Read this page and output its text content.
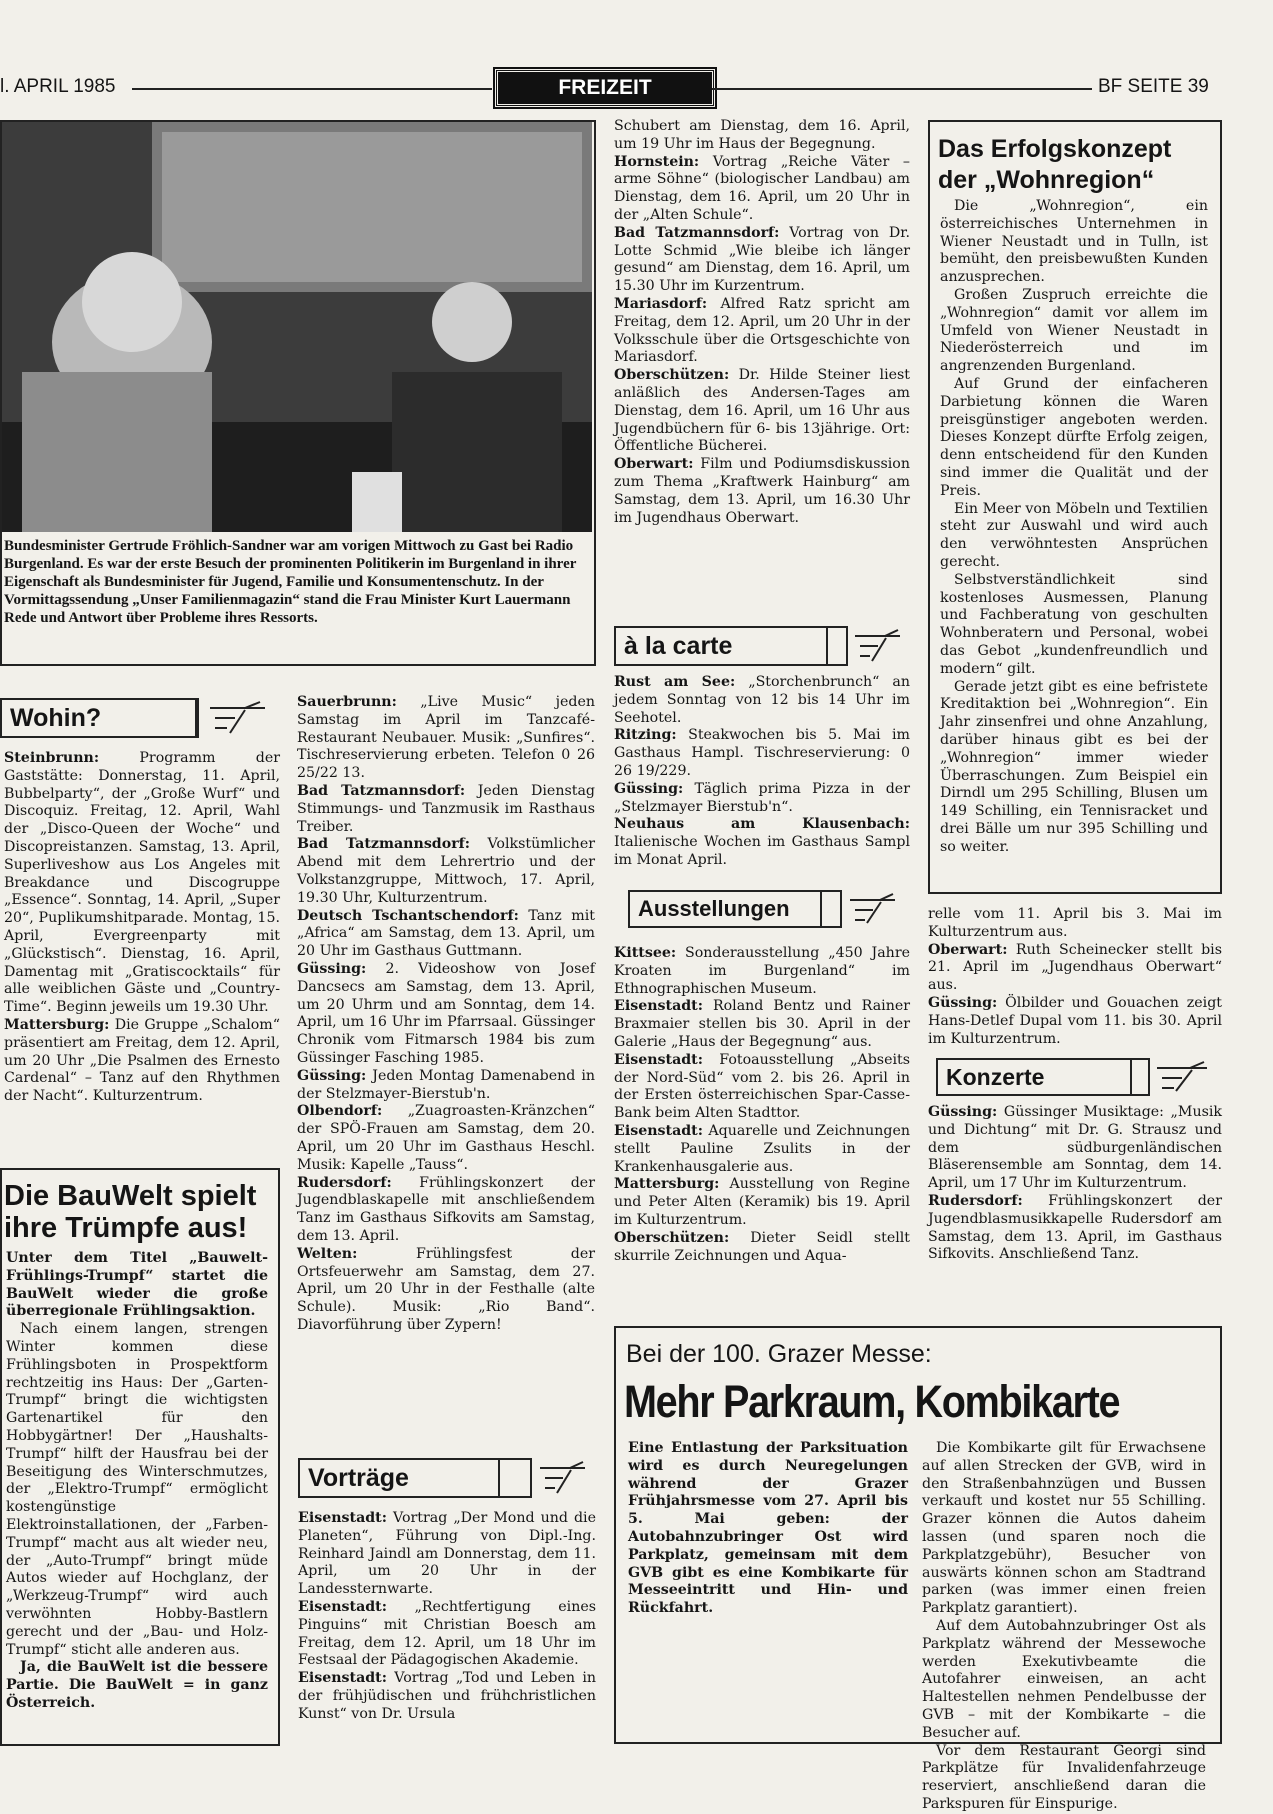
l. APRIL 1985	FREIZEIT	BF SEITE 39
Bundesminister Gertrude Fröhlich-Sandner war am vorigen Mittwoch zu Gast bei Radio Burgenland. Es war der erste Besuch der prominenten Politikerin im Burgenland in ihrer Eigenschaft als Bundesminister für Jugend, Familie und Konsumentenschutz. In der Vormittagssendung „Unser Familienmagazin“ stand die Frau Minister Kurt Lauermann Rede und Antwort über Probleme ihres Ressorts.
Wohin?

Steinbrunn:	Programm der Gaststätte: Donnerstag, 11. April, Bubbelparty“, der „Große Wurf“ und Discoquiz. Freitag, 12. April, Wahl der „Disco-Queen der Woche“ und Discopreistanzen. Samstag, 13. April, Superliveshow aus Los Angeles mit Breakdance und Discogruppe „Essence“. Sonntag, 14. April, „Super 20“, Puplikumshitparade. Montag, 15. April, Evergreenparty mit „Glückstisch“. Dienstag, 16. April, Damentag mit „Gratiscocktails“ für alle weiblichen Gäste und „Country-Time“. Beginn jeweils um 19.30 Uhr.

Mattersburg: Die Gruppe „Schalom“ präsentiert am Freitag, dem 12. April, um 20 Uhr „Die Psalmen des Ernesto Cardenal“ – Tanz auf den Rhythmen der Nacht“. Kulturzentrum.

Sauerbrunn: „Live Music“ jeden Samstag im April im Tanzcafé-Restaurant Neubauer. Musik: „Sunfires“. Tischreservierung erbeten. Telefon 0 26 25/22 13.

Bad Tatzmannsdorf: Jeden Dienstag Stimmungs- und Tanzmusik im Rasthaus Treiber.

Bad Tatzmannsdorf: Volkstümlicher Abend mit dem Lehrertrio und der Volkstanzgruppe, Mittwoch, 17. April, 19.30 Uhr, Kulturzentrum.

Deutsch Tschantschendorf: Tanz mit „Africa“ am Samstag, dem 13. April, um 20 Uhr im Gasthaus Guttmann.

Güssing: 2. Videoshow von Josef Dancsecs am Samstag, dem 13. April, um 20 Uhrm und am Sonntag, dem 14. April, um 16 Uhr im Pfarrsaal. Güssinger Chronik vom Fitmarsch 1984 bis zum Güssinger Fasching 1985.

Güssing: Jeden Montag Damenabend in der Stelzmayer-Bierstub'n.

Olbendorf: „Zuagroasten-Kränzchen“ der SPÖ-Frauen am Samstag, dem 20. April, um 20 Uhr im Gasthaus Heschl. Musik: Kapelle „Tauss“.

Rudersdorf: Frühlingskonzert der Jugendblaskapelle mit anschließendem Tanz im Gasthaus Sifkovits am Samstag, dem 13. April.

Welten:	Frühlingsfest der Ortsfeuerwehr am Samstag, dem 27. April, um 20 Uhr in der Festhalle (alte Schule). Musik: „Rio Band“. Diavorführung über Zypern!

Die BauWelt spielt
ihre Trümpfe aus!

Unter dem Titel „Bauwelt-Frühlings-Trumpf“ startet die BauWelt wieder die große überregionale Frühlingsaktion.

Nach einem langen, strengen Winter kommen diese Frühlingsboten in Prospektform rechtzeitig ins Haus: Der „Garten-Trumpf“ bringt die wichtigsten Gartenartikel für den Hobbygärtner! Der „Haushalts-Trumpf“ hilft der Hausfrau bei der Beseitigung des Winterschmutzes, der „Elektro-Trumpf“ ermöglicht kostengünstige Elektroinstallationen, der „Farben-Trumpf“ macht aus alt wieder neu, der „Auto-Trumpf“ bringt müde Autos wieder auf Hochglanz, der „Werkzeug-Trumpf“ wird auch verwöhnten Hobby-Bastlern gerecht und der „Bau- und Holz-Trumpf“ sticht alle anderen aus.

Ja, die BauWelt ist die bessere Partie. Die BauWelt = in ganz Österreich.

Vorträge

Eisenstadt: Vortrag „Der Mond und die Planeten“, Führung von Dipl.-Ing. Reinhard Jaindl am Donnerstag, dem 11. April, um 20 Uhr in der Landessternwarte.

Eisenstadt: „Rechtfertigung eines Pinguins“ mit Christian Boesch am Freitag, dem 12. April, um 18 Uhr im Festsaal der Pädagogischen Akademie.

Eisenstadt: Vortrag „Tod und Leben in der frühjüdischen und frühchristlichen Kunst“ von Dr. Ursula

Schubert am Dienstag, dem 16. April, um 19 Uhr im Haus der Begegnung.

Hornstein: Vortrag „Reiche Väter – arme Söhne“ (biologischer Landbau) am Dienstag, dem 16. April, um 20 Uhr in der „Alten Schule“.

Bad Tatzmannsdorf: Vortrag von Dr. Lotte Schmid „Wie bleibe ich länger gesund“ am Dienstag, dem 16. April, um 15.30 Uhr im Kurzentrum.

Mariasdorf: Alfred Ratz spricht am Freitag, dem 12. April, um 20 Uhr in der Volksschule über die Ortsgeschichte von Mariasdorf.

Oberschützen: Dr. Hilde Steiner liest anläßlich des Andersen-Tages am Dienstag, dem 16. April, um 16 Uhr aus Jugendbüchern für 6- bis 13jährige. Ort: Öffentliche Bücherei.

Oberwart: Film und Podiumsdiskussion zum Thema „Kraftwerk Hainburg“ am Samstag, dem 13. April, um 16.30 Uhr im Jugendhaus Oberwart.

à la carte

Rust am See: „Storchenbrunch“ an jedem Sonntag von 12 bis 14 Uhr im Seehotel.

Ritzing: Steakwochen bis 5. Mai im Gasthaus Hampl. Tischreservierung: 0 26 19/229.

Güssing: Täglich prima Pizza in der „Stelzmayer Bierstub'n“.

Neuhaus am Klausenbach: Italienische Wochen im Gasthaus Sampl im Monat April.

Ausstellungen

Kittsee: Sonderausstellung „450 Jahre Kroaten im Burgenland“ im Ethnographischen Museum.

Eisenstadt: Roland Bentz und Rainer Braxmaier stellen bis 30. April in der Galerie „Haus der Begegnung“ aus.

Eisenstadt: Fotoausstellung „Abseits der Nord-Süd“ vom 2. bis 26. April in der Ersten österreichischen Spar-Casse-Bank beim Alten Stadttor.

Eisenstadt: Aquarelle und Zeichnungen stellt Pauline Zsulits in der Krankenhausgalerie aus.

Mattersburg: Ausstellung von Regine und Peter Alten (Keramik) bis 19. April im Kulturzentrum.

Oberschützen: Dieter Seidl stellt skurrile Zeichnungen und Aqua-

Das Erfolgskonzept
der „Wohnregion“

Die „Wohnregion“, ein österreichisches Unternehmen in Wiener Neustadt und in Tulln, ist bemüht, den preisbewußten Kunden anzusprechen.

Großen Zuspruch erreichte die „Wohnregion“ damit vor allem im Umfeld von Wiener Neustadt in Niederösterreich und im angrenzenden Burgenland.

Auf Grund der einfacheren Darbietung können die Waren preisgünstiger angeboten werden. Dieses Konzept dürfte Erfolg zeigen, denn entscheidend für den Kunden sind immer die Qualität und der Preis.

Ein Meer von Möbeln und Textilien steht zur Auswahl und wird auch den verwöhntesten Ansprüchen gerecht.

Selbstverständlichkeit sind kostenloses Ausmessen, Planung und Fachberatung von geschulten Wohnberatern und Personal, wobei das Gebot „kundenfreundlich und modern“ gilt.

Gerade jetzt gibt es eine befristete Kreditaktion bei „Wohnregion“. Ein Jahr zinsenfrei und ohne Anzahlung, darüber hinaus gibt es bei der „Wohnregion“ immer wieder Überraschungen. Zum Beispiel ein Dirndl um 295 Schilling, Blusen um 149 Schilling, ein Tennisracket und drei Bälle um nur 395 Schilling und so weiter.

relle vom 11. April bis 3. Mai im Kulturzentrum aus.

Oberwart: Ruth Scheinecker stellt bis 21. April im „Jugendhaus Oberwart“ aus.

Güssing: Ölbilder und Gouachen zeigt Hans-Detlef Dupal vom 11. bis 30. April im Kulturzentrum.

Konzerte

Güssing: Güssinger Musiktage: „Musik und Dichtung“ mit Dr. G. Strausz und dem südburgenländischen Bläserensemble am Sonntag, dem 14. April, um 17 Uhr im Kulturzentrum.

Rudersdorf: Frühlingskonzert der Jugendblasmusikkapelle Rudersdorf am Samstag, dem 13. April, im Gasthaus Sifkovits. Anschließend Tanz.

Bei der 100. Grazer Messe:
Mehr Parkraum, Kombikarte

Eine Entlastung der Parksituation wird es durch Neuregelungen während der Grazer Frühjahrsmesse vom 27. April bis 5. Mai geben: der Autobahnzubringer Ost wird Parkplatz, gemeinsam mit dem GVB gibt es eine Kombikarte für Messeeintritt und Hin- und Rückfahrt.

Die Kombikarte gilt für Erwachsene auf allen Strecken der GVB, wird in den Straßenbahnzügen und Bussen verkauft und kostet nur 55 Schilling. Grazer können die Autos daheim lassen (und sparen noch die Parkplatzgebühr), Besucher von auswärts können schon am Stadtrand parken (was immer einen freien Parkplatz garantiert).

Auf dem Autobahnzubringer Ost als Parkplatz während der Messewoche werden Exekutivbeamte die Autofahrer einweisen, an acht Haltestellen nehmen Pendelbusse der GVB – mit der Kombikarte – die Besucher auf.

Vor dem Restaurant Georgi sind Parkplätze für Invalidenfahrzeuge reserviert, anschließend daran die Parkspuren für Einspurige.
